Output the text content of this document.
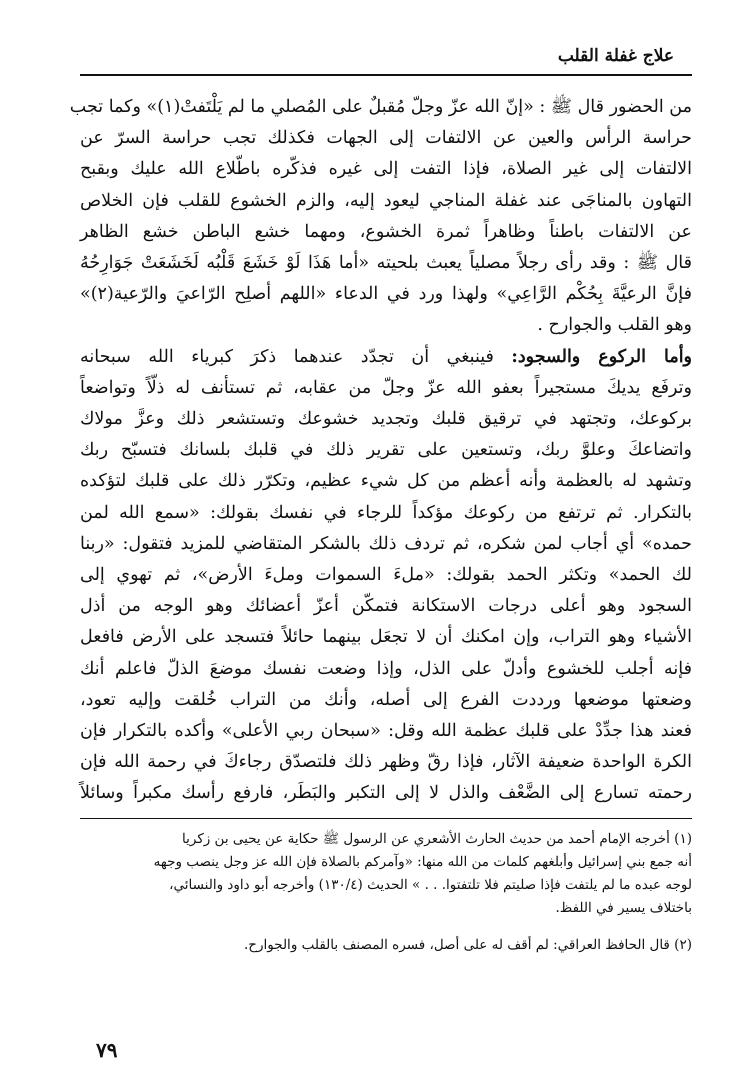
علاج غفلة القلب
من الحضور قال ﷺ : «إنّ الله عزّ وجلّ مُقبلٌ على المُصلي ما لم يَلْتَفتْ(١)» وكما تجب
حراسة الرأس والعين عن الالتفات إلى الجهات فكذلك تجب حراسة السرّ عن
الالتفات إلى غير الصلاة، فإذا التفت إلى غيره فذكّره باطّلاع الله عليك وبقبح
التهاون بالمناجَى عند غفلة المناجي ليعود إليه، والزم الخشوع للقلب فإن الخلاص
عن الالتفات باطناً وظاهراً ثمرة الخشوع، ومهما خشع الباطن خشع الظاهر
قال ﷺ : وقد رأى رجلاً مصلياً يعبث بلحيته «أما هَذَا لَوْ خَشَعَ قَلْبُه لَخَشَعَتْ جَوَارِحُهُ
فإنَّ الرعيَّةَ بِحُكْم الرَّاعِي» ولهذا ورد في الدعاء «اللهم أصلِح الرّاعيَ والرّعية(٢)»
وهو القلب والجوارح .
وأما الركوع والسجود: فينبغي أن تجدّد عندهما ذكرَ كبرياء الله سبحانه
وترفَع يديكَ مستجيراً بعفو الله عزّ وجلّ من عقابه، ثم تستأنف له ذلّاً وتواضعاً
بركوعك، وتجتهد في ترقيق قلبك وتجديد خشوعك وتستشعر ذلك وعزَّ مولاك
واتضاعكَ وعلوَّ ربك، وتستعين على تقرير ذلك في قلبك بلسانك فتسبّح ربك
وتشهد له بالعظمة وأنه أعظم من كل شيء عظيم، وتكرّر ذلك على قلبك لتؤكده
بالتكرار. ثم ترتفع من ركوعك مؤكداً للرجاء في نفسك بقولك: «سمع الله لمن
حمده» أي أجاب لمن شكره، ثم تردف ذلك بالشكر المتقاضي للمزيد فتقول: «ربنا
لك الحمد» وتكثر الحمد بقولك: «ملءَ السموات وملءَ الأرض»، ثم تهوي إلى
السجود وهو أعلى درجات الاستكانة فتمكّن أعزّ أعضائك وهو الوجه من أذل
الأشياء وهو التراب، وإن امكنك أن لا تجعَل بينهما حائلاً فتسجد على الأرض فافعل
فإنه أجلب للخشوع وأدلّ على الذل، وإذا وضعت نفسك موضعَ الذلّ فاعلم أنك
وضعتها موضعها ورددت الفرع إلى أصله، وأنك من التراب خُلقت وإليه تعود،
فعند هذا جدِّدْ على قلبك عظمة الله وقل: «سبحان ربي الأعلى» وأكده بالتكرار فإن
الكرة الواحدة ضعيفة الآثار، فإذا رقّ وظهر ذلك فلتصدّق رجاءكَ في رحمة الله فإن
رحمته تسارع إلى الضَّعْف والذل لا إلى التكبر والبَطَر، فارفع رأسك مكبراً وسائلاً
(١) أخرجه الإمام أحمد من حديث الحارث الأشعري عن الرسول ﷺ حكاية عن يحيى بن زكريا
أنه جمع بني إسرائيل وأبلغهم كلمات من الله منها: «وآمركم بالصلاة فإن الله عز وجل ينصب وجهه
لوجه عبده ما لم يلتفت فإذا صليتم فلا تلتفتوا. . . » الحديث (١٣٠/٤) وأخرجه أبو داود والنسائي،
باختلاف يسير في اللفظ.
(٢) قال الحافظ العراقي: لم أقف له على أصل، فسره المصنف بالقلب والجوارح.
٧٩
